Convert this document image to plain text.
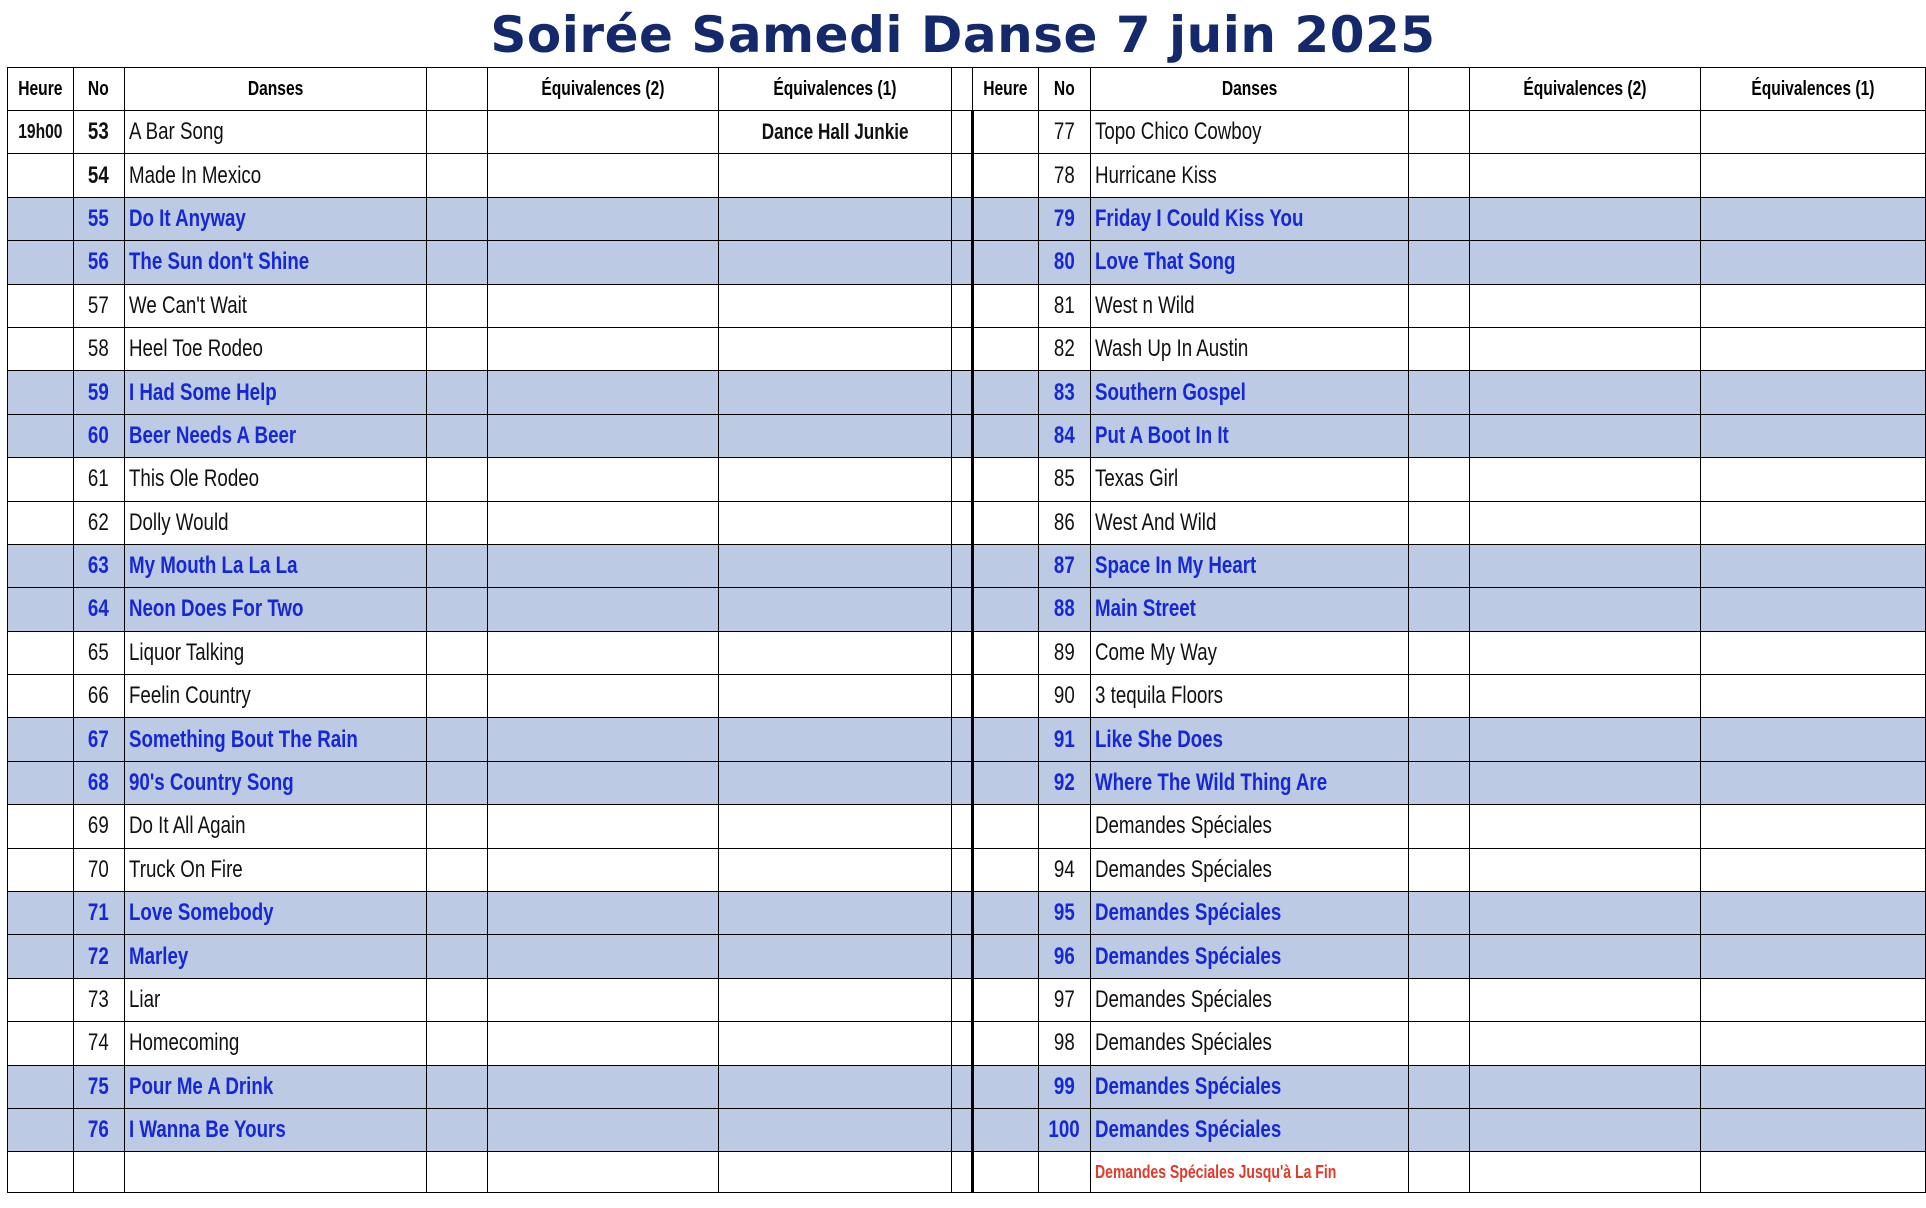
Soirée Samedi Danse 7 juin 2025
Heure	No	Danses		Équivalences (2)	Équivalences (1)		Heure	No	Danses		Équivalences (2)	Équivalences (1)
19h00	53	A Bar Song			Dance Hall Junkie			77	Topo Chico Cowboy			
	54	Made In Mexico						78	Hurricane Kiss			
	55	Do It Anyway						79	Friday I Could Kiss You			
	56	The Sun don't Shine						80	Love That Song			
	57	We Can't Wait						81	West n Wild			
	58	Heel Toe Rodeo						82	Wash Up In Austin			
	59	I Had Some Help						83	Southern Gospel			
	60	Beer Needs A Beer						84	Put A Boot In It			
	61	This Ole Rodeo						85	Texas Girl			
	62	Dolly Would						86	West And Wild			
	63	My Mouth La La La						87	Space In My Heart			
	64	Neon Does For Two						88	Main Street			
	65	Liquor Talking						89	Come My Way			
	66	Feelin Country						90	3 tequila Floors			
	67	Something Bout The Rain						91	Like She Does			
	68	90's Country Song						92	Where The Wild Thing Are			
	69	Do It All Again							Demandes Spéciales			
	70	Truck On Fire						94	Demandes Spéciales			
	71	Love Somebody						95	Demandes Spéciales			
	72	Marley						96	Demandes Spéciales			
	73	Liar						97	Demandes Spéciales			
	74	Homecoming						98	Demandes Spéciales			
	75	Pour Me A Drink						99	Demandes Spéciales			
	76	I Wanna Be Yours						100	Demandes Spéciales			
									Demandes Spéciales Jusqu'à La Fin			
